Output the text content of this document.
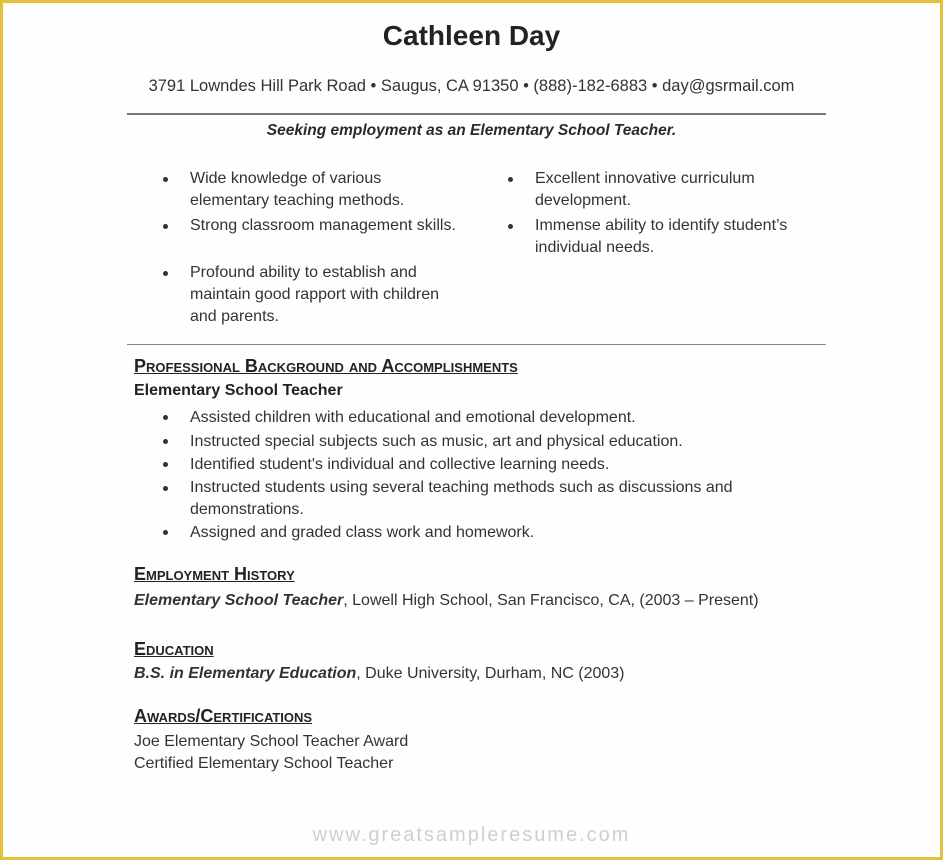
Cathleen Day
3791 Lowndes Hill Park Road • Saugus, CA 91350 • (888)-182-6883 • day@gsrmail.com
Seeking employment as an Elementary School Teacher.
Wide knowledge of various elementary teaching methods.
Strong classroom management skills.
Profound ability to establish and maintain good rapport with children and parents.
Excellent innovative curriculum development.
Immense ability to identify student’s individual needs.
Professional Background and Accomplishments
Elementary School Teacher
Assisted children with educational and emotional development.
Instructed special subjects such as music, art and physical education.
Identified student's individual and collective learning needs.
Instructed students using several teaching methods such as discussions and demonstrations.
Assigned and graded class work and homework.
Employment History
Elementary School Teacher, Lowell High School, San Francisco, CA, (2003 – Present)
Education
B.S. in Elementary Education, Duke University, Durham, NC (2003)
Awards/Certifications
Joe Elementary School Teacher Award
Certified Elementary School Teacher
www.greatsampleresume.com
